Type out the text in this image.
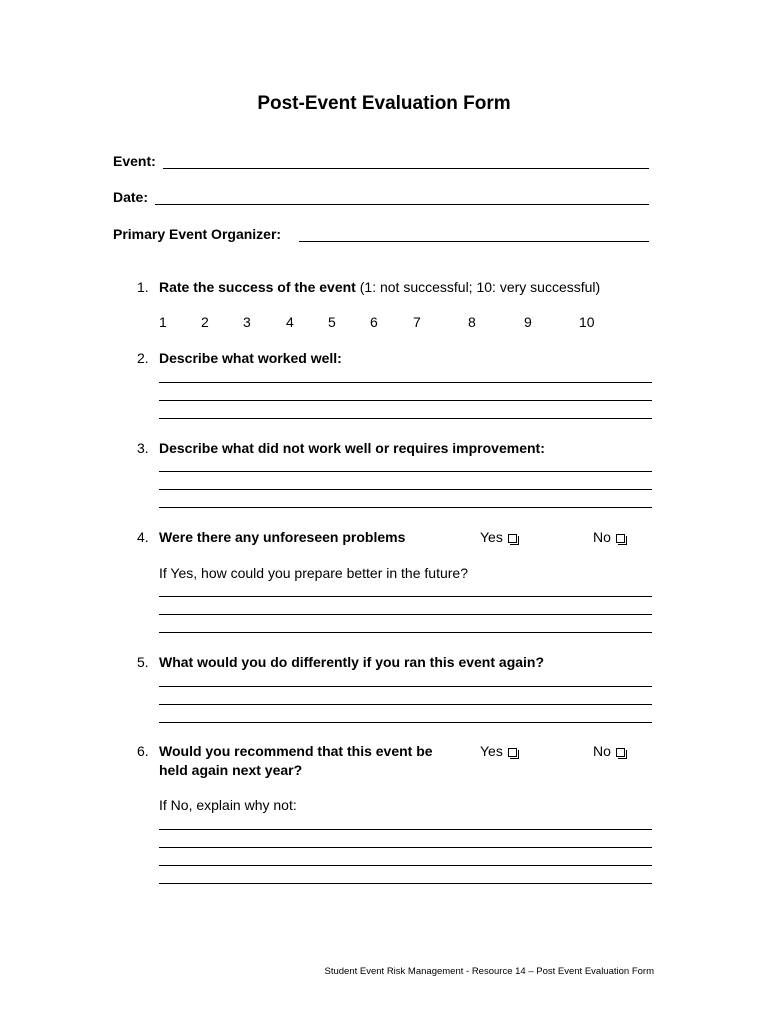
Post-Event Evaluation Form
Event:
Date:
Primary Event Organizer:
1. Rate the success of the event (1: not successful; 10: very successful)
1 2 3	4 5 6	7	8	9	10
2. Describe what worked well:
3. Describe what did not work well or requires improvement:
4. Were there any unforeseen problems	Yes	No
If Yes, how could you prepare better in the future?
5. What would you do differently if you ran this event again?
6. Would you recommend that this event be
held again next year?
Yes	No
If No, explain why not:
Student Event Risk Management - Resource 14 – Post Event Evaluation Form
